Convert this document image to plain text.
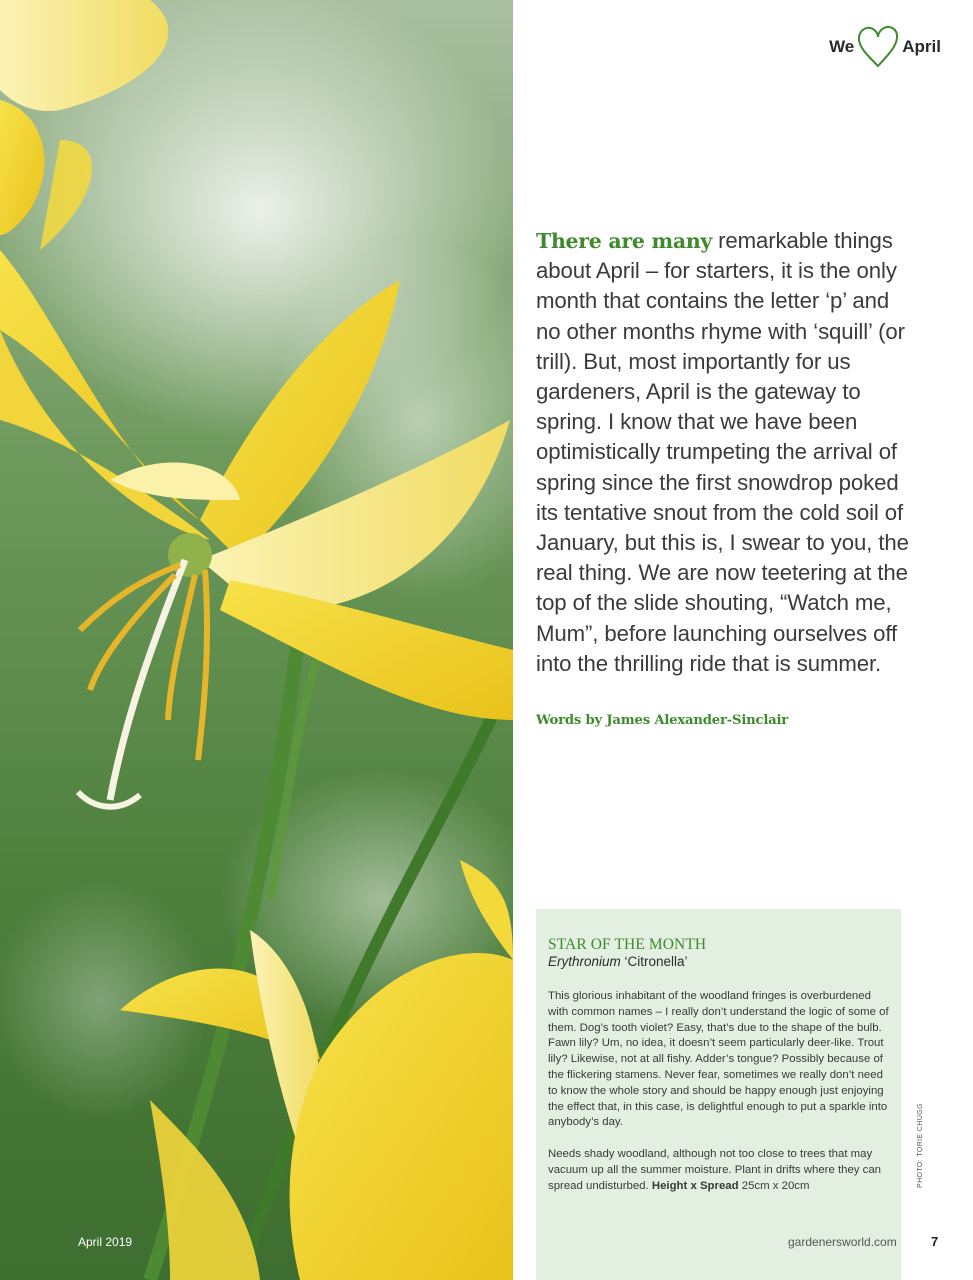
April 2019
We	April
There are many remarkable things about April – for starters, it is the only month that contains the letter ‘p’ and no other months rhyme with ‘squill’ (or trill). But, most importantly for us gardeners, April is the gateway to spring. I know that we have been optimistically trumpeting the arrival of spring since the first snowdrop poked its tentative snout from the cold soil of January, but this is, I swear to you, the real thing. We are now teetering at the top of the slide shouting, “Watch me, Mum”, before launching ourselves off into the thrilling ride that is summer.
Words by James Alexander-Sinclair
STAR OF THE MONTH
Erythronium ‘Citronella’

This glorious inhabitant of the woodland fringes is overburdened with common names – I really don’t understand the logic of some of them. Dog’s tooth violet? Easy, that’s due to the shape of the bulb. Fawn lily? Um, no idea, it doesn’t seem particularly deer-like. Trout lily? Likewise, not at all fishy. Adder’s tongue? Possibly because of the flickering stamens. Never fear, sometimes we really don’t need to know the whole story and should be happy enough just enjoying the effect that, in this case, is delightful enough to put a sparkle into anybody’s day.

Needs shady woodland, although not too close to trees that may vacuum up all the summer moisture. Plant in drifts where they can spread undisturbed. Height x Spread 25cm x 20cm	PHOTO: TORIE CHUGG
gardenersworld.com	7
